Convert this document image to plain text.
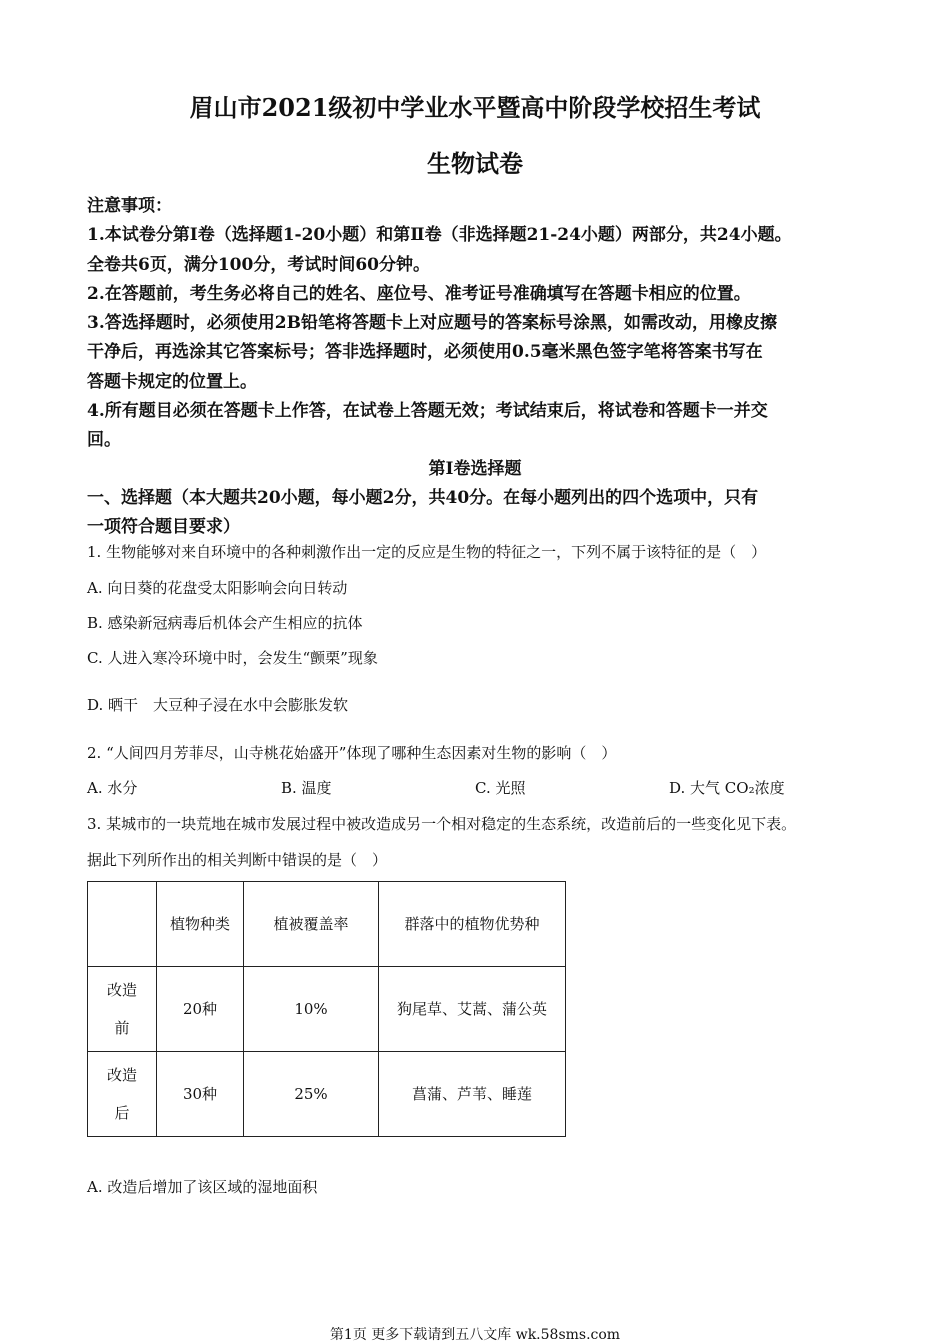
眉山市2021级初中学业水平暨高中阶段学校招生考试
生物试卷
注意事项：
1.本试卷分第Ⅰ卷（选择题1-20小题）和第Ⅱ卷（非选择题21-24小题）两部分，共24小题。
全卷共6页，满分100分，考试时间60分钟。
2.在答题前，考生务必将自己的姓名、座位号、准考证号准确填写在答题卡相应的位置。
3.答选择题时，必须使用2B铅笔将答题卡上对应题号的答案标号涂黑，如需改动，用橡皮擦
干净后，再选涂其它答案标号；答非选择题时，必须使用0.5毫米黑色签字笔将答案书写在
答题卡规定的位置上。
4.所有题目必须在答题卡上作答，在试卷上答题无效；考试结束后，将试卷和答题卡一并交
回。
第Ⅰ卷选择题
一、选择题（本大题共20小题，每小题2分，共40分。在每小题列出的四个选项中，只有
一项符合题目要求）
1. 生物能够对来自环境中的各种刺激作出一定的反应是生物的特征之一，下列不属于该特征的是（　）
A. 向日葵的花盘受太阳影响会向日转动
B. 感染新冠病毒后机体会产生相应的抗体
C. 人进入寒冷环境中时，会发生“颤栗”现象
D. 晒干　大豆种子浸在水中会膨胀发软
2. “人间四月芳菲尽，山寺桃花始盛开”体现了哪种生态因素对生物的影响（　）
A. 水分	B. 温度	C. 光照	D. 大气 CO₂浓度
3. 某城市的一块荒地在城市发展过程中被改造成另一个相对稳定的生态系统，改造前后的一些变化见下表。
据此下列所作出的相关判断中错误的是（　）
	植物种类	植被覆盖率	群落中的植物优势种
改造前	20种	10%	狗尾草、艾蒿、蒲公英
改造后	30种	25%	菖蒲、芦苇、睡莲
A. 改造后增加了该区域的湿地面积
第1页 更多下载请到五八文库 wk.58sms.com
